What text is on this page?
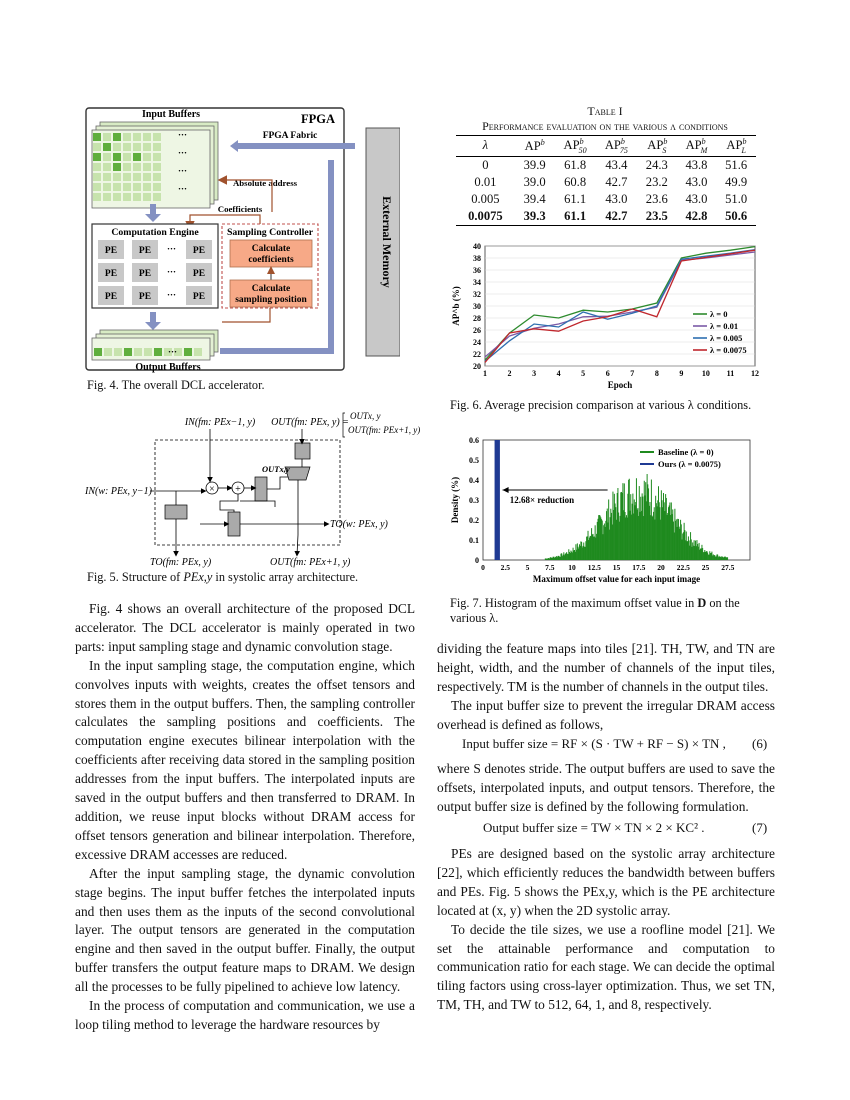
FPGA
Input Buffers
···
···
···
···
FPGA Fabric
Absolute address
Coefficients
Computation Engine
PE PE	PE
···
PE PE	PE
···
PE PE	PE
···
Sampling Controller
Calculate
coefficients
Calculate
sampling position
···
Output Buffers
External Memory
Fig. 4. The overall DCL accelerator.
IN(fm: PEx−1, y) OUT(fm: PEx, y) =
OUTx, y
OUT(fm: PEx+1, y)
OUTx,y
× +
IN(w: PEx, y−1)
TO(w: PEx, y)
TO(fm: PEx, y)	OUT(fm: PEx+1, y)
Fig. 5. Structure of PEx,y in systolic array architecture.

Fig. 4 shows an overall architecture of the proposed DCL accelerator. The DCL accelerator is mainly operated in two parts: input sampling stage and dynamic convolution stage.

In the input sampling stage, the computation engine, which convolves inputs with weights, creates the offset tensors and stores them in the output buffers. Then, the sampling controller calculates the sampling positions and coefficients. The computation engine executes bilinear interpolation with the coefficients after receiving data stored in the sampling position addresses from the input buffers. The interpolated inputs are saved in the output buffers and then transferred to DRAM. In addition, we reuse input blocks without DRAM access for offset tensors generation and bilinear interpolation. Therefore, excessive DRAM accesses are reduced.

After the input sampling stage, the dynamic convolution stage begins. The input buffer fetches the interpolated inputs and then uses them as the inputs of the second convolutional layer. The output tensors are generated in the computation engine and then saved in the output buffer. Finally, the output buffer transfers the output feature maps to DRAM. We design all the processes to be fully pipelined to achieve low latency.

In the process of computation and communication, we use a loop tiling method to leverage the hardware resources by

Table I
Performance evaluation on the various λ conditions
λ	$AP^b$	$AP^b_{50}$	$AP^b_{75}$	$AP^b_S$	$AP^b_M$	$AP^b_L$
0	39.9	61.8	43.4	24.3	43.8	51.6
0.01	39.0	60.8	42.7	23.2	43.0	49.9
0.005	39.4	61.1	43.0	23.6	43.0	51.0
0.0075	39.3	61.1	42.7	23.5	42.8	50.6
20
22
24
26
28
30
32
34
36
38
40
1	2	3	4	5	6	7	8	9 10 11 12
Epoch
AP^b (%)	λ = 0
λ = 0.01
λ = 0.005
λ = 0.0075
Fig. 6. Average precision comparison at various λ conditions.
0
0.1
0.2
0.3
0.4
0.5
0.6
0 2.5 5 7.5 10 12.5 15 17.5 20 22.5 25 27.5
Maximum offset value for each input image
Density (%)	12.68× reduction
Baseline (λ = 0)
Ours (λ = 0.0075)
Fig. 7. Histogram of the maximum offset value in D on the various λ.

dividing the feature maps into tiles [21]. TH, TW, and TN are height, width, and the number of channels of the input tiles, respectively. TM is the number of channels in the output tiles.

The input buffer size to prevent the irregular DRAM access overhead is defined as follows,

Input buffer size = RF × (S · TW + RF − S) × TN , (6)

where S denotes stride. The output buffers are used to save the offsets, interpolated inputs, and output tensors. Therefore, the output buffer size is defined by the following formulation.

Output buffer size = TW × TN × 2 × KC² .	(7)

PEs are designed based on the systolic array architecture [22], which efficiently reduces the bandwidth between buffers and PEs. Fig. 5 shows the PEx,y, which is the PE architecture located at (x, y) when the 2D systolic array.

To decide the tile sizes, we use a roofline model [21]. We set the attainable performance and computation to communication ratio for each stage. We can decide the optimal tiling factors using cross-layer optimization. Thus, we set TN, TM, TH, and TW to 512, 64, 1, and 8, respectively.
